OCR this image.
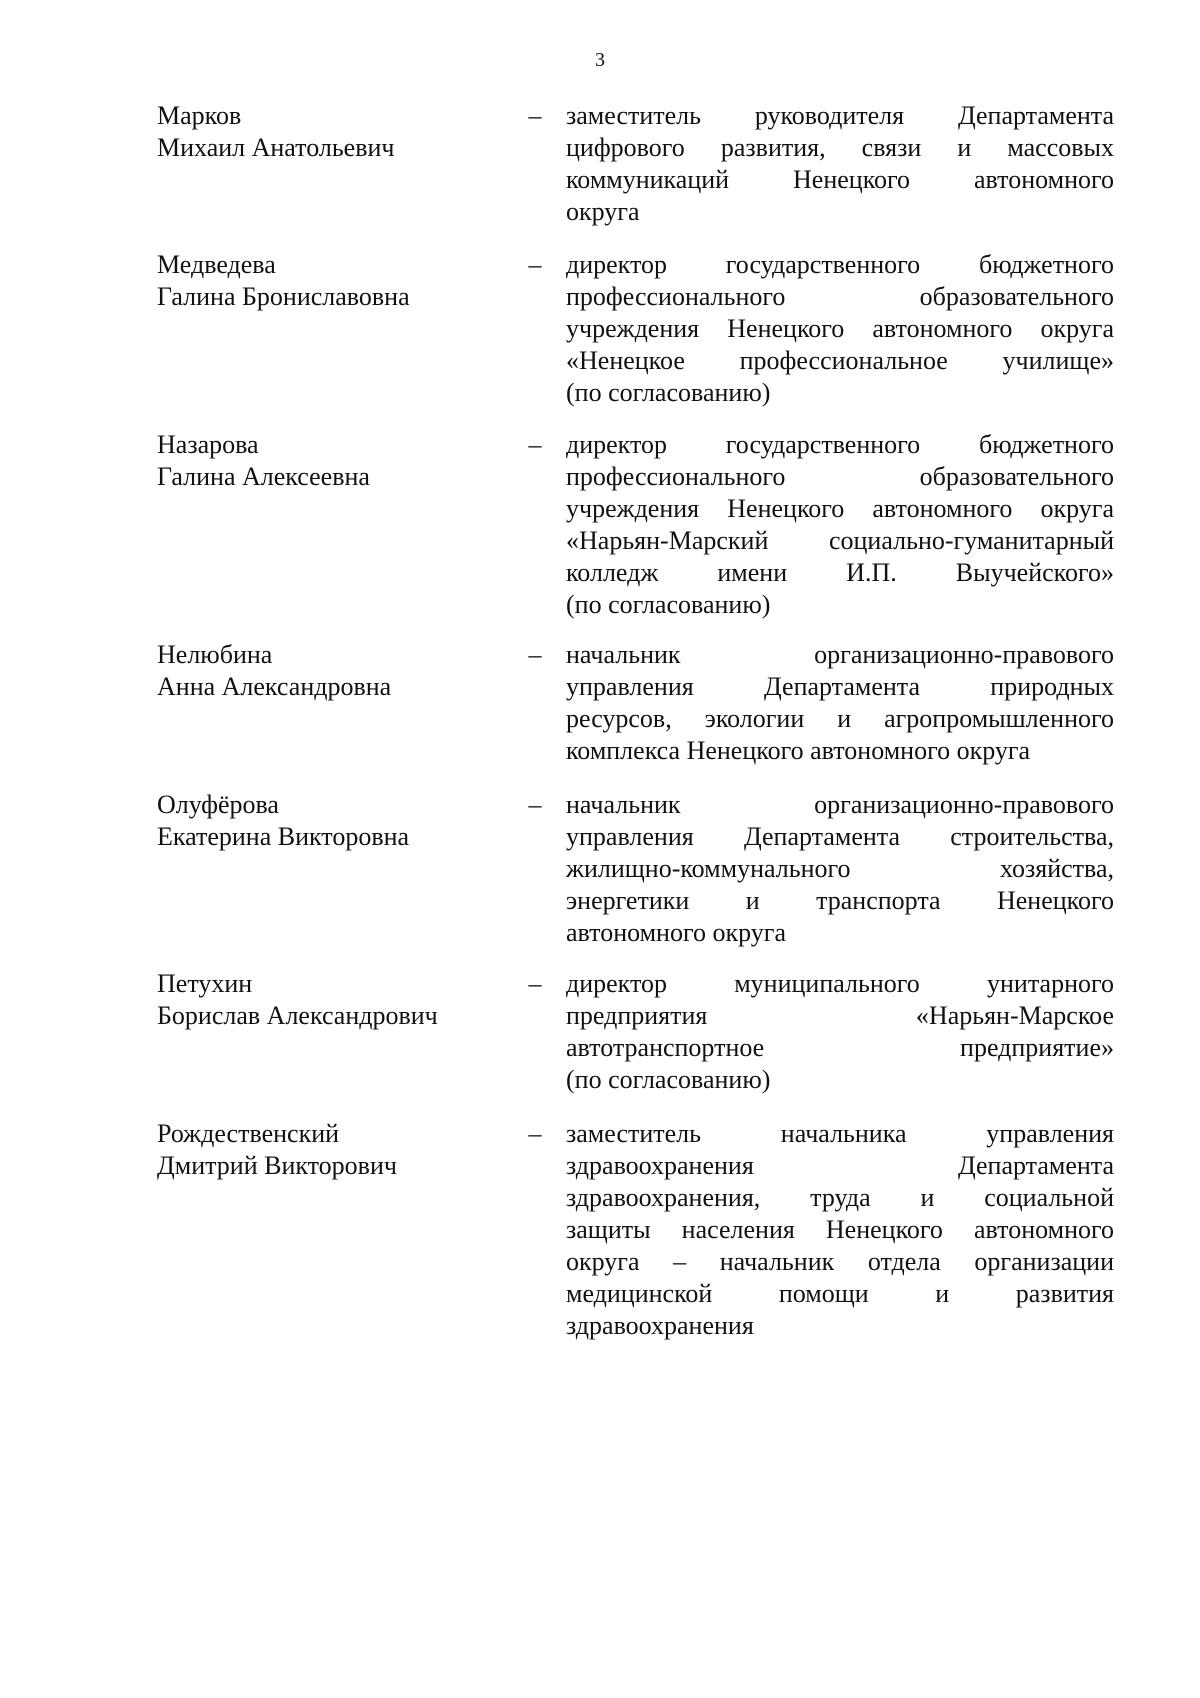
3
Марков
Михаил Анатольевич
– заместитель руководителя Департамента
цифрового развития, связи и массовых
коммуникаций Ненецкого автономного
округа
Медведева
Галина Брониславовна
– директор государственного бюджетного
профессионального образовательного
учреждения Ненецкого автономного округа
«Ненецкое профессиональное училище»
(по согласованию)
Назарова
Галина Алексеевна
– директор государственного бюджетного
профессионального образовательного
учреждения Ненецкого автономного округа
«Нарьян-Марский социально-гуманитарный
колледж имени И.П. Выучейского»
(по согласованию)
Нелюбина
Анна Александровна
– начальник организационно-правового
управления Департамента природных
ресурсов, экологии и агропромышленного
комплекса Ненецкого автономного округа
Олуфёрова
Екатерина Викторовна
– начальник организационно-правового
управления Департамента строительства,
жилищно-коммунального хозяйства,
энергетики и транспорта Ненецкого
автономного округа
Петухин
Борислав Александрович
– директор муниципального унитарного
предприятия «Нарьян-Марское
автотранспортное предприятие»
(по согласованию)
Рождественский
Дмитрий Викторович
– заместитель начальника управления
здравоохранения Департамента
здравоохранения, труда и социальной
защиты населения Ненецкого автономного
округа – начальник отдела организации
медицинской помощи и развития
здравоохранения
